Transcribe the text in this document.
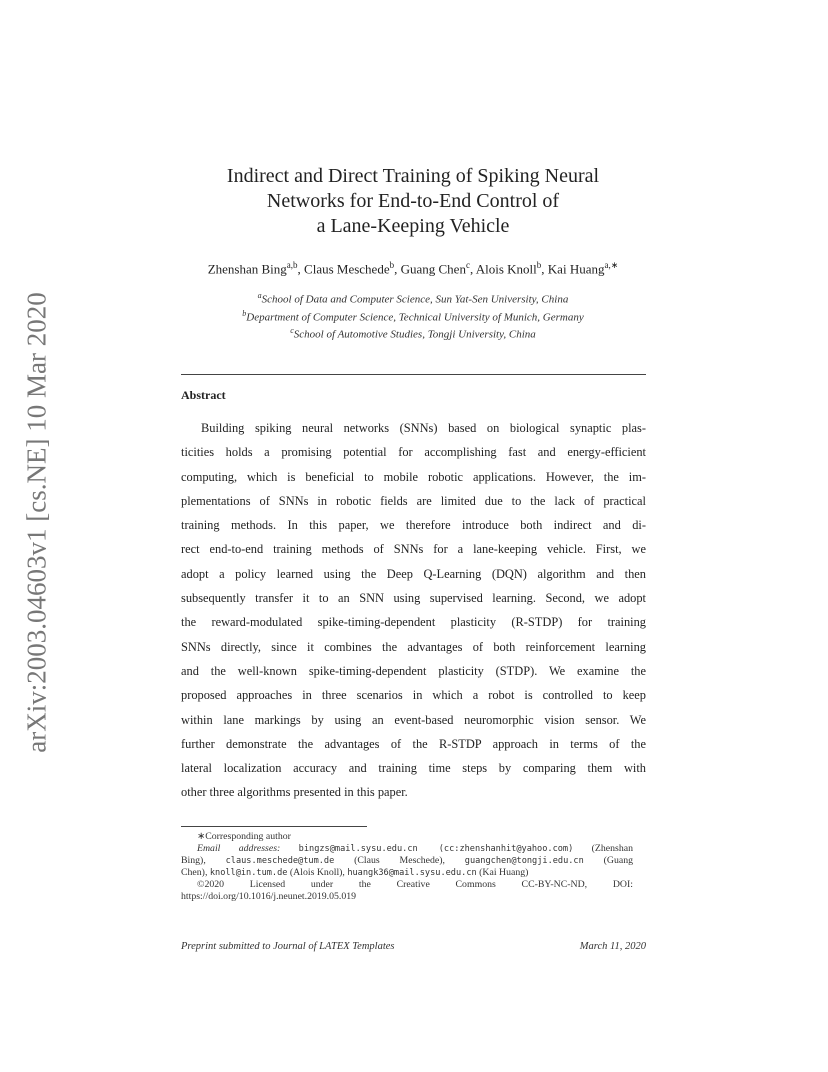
arXiv:2003.04603v1 [cs.NE] 10 Mar 2020
Indirect and Direct Training of Spiking Neural
Networks for End-to-End Control of
a Lane-Keeping Vehicle
Zhenshan Bing$^{a,b}$, Claus Meschede$^b$, Guang Chen$^c$, Alois Knoll$^b$, Kai Huang$^{a,∗}$
$^a$School of Data and Computer Science, Sun Yat-Sen University, China
$^b$Department of Computer Science, Technical University of Munich, Germany
$^c$School of Automotive Studies, Tongji University, China
Abstract
Building spiking neural networks (SNNs) based on biological synaptic plas-
ticities holds a promising potential for accomplishing fast and energy-efficient
computing, which is beneficial to mobile robotic applications. However, the im-
plementations of SNNs in robotic fields are limited due to the lack of practical
training methods. In this paper, we therefore introduce both indirect and di-
rect end-to-end training methods of SNNs for a lane-keeping vehicle. First, we
adopt a policy learned using the Deep Q-Learning (DQN) algorithm and then
subsequently transfer it to an SNN using supervised learning. Second, we adopt
the reward-modulated spike-timing-dependent plasticity (R-STDP) for training
SNNs directly, since it combines the advantages of both reinforcement learning
and the well-known spike-timing-dependent plasticity (STDP). We examine the
proposed approaches in three scenarios in which a robot is controlled to keep
within lane markings by using an event-based neuromorphic vision sensor. We
further demonstrate the advantages of the R-STDP approach in terms of the
lateral localization accuracy and training time steps by comparing them with
other three algorithms presented in this paper.
∗Corresponding author
Email addresses: bingzs@mail.sysu.edu.cn (cc:zhenshanhit@yahoo.com) (Zhenshan
Bing), claus.meschede@tum.de (Claus Meschede), guangchen@tongji.edu.cn (Guang
Chen), knoll@in.tum.de (Alois Knoll), huangk36@mail.sysu.edu.cn (Kai Huang)
©2020 Licensed under the Creative Commons CC-BY-NC-ND, DOI:
https://doi.org/10.1016/j.neunet.2019.05.019
Preprint submitted to Journal of LATEX Templates	March 11, 2020
